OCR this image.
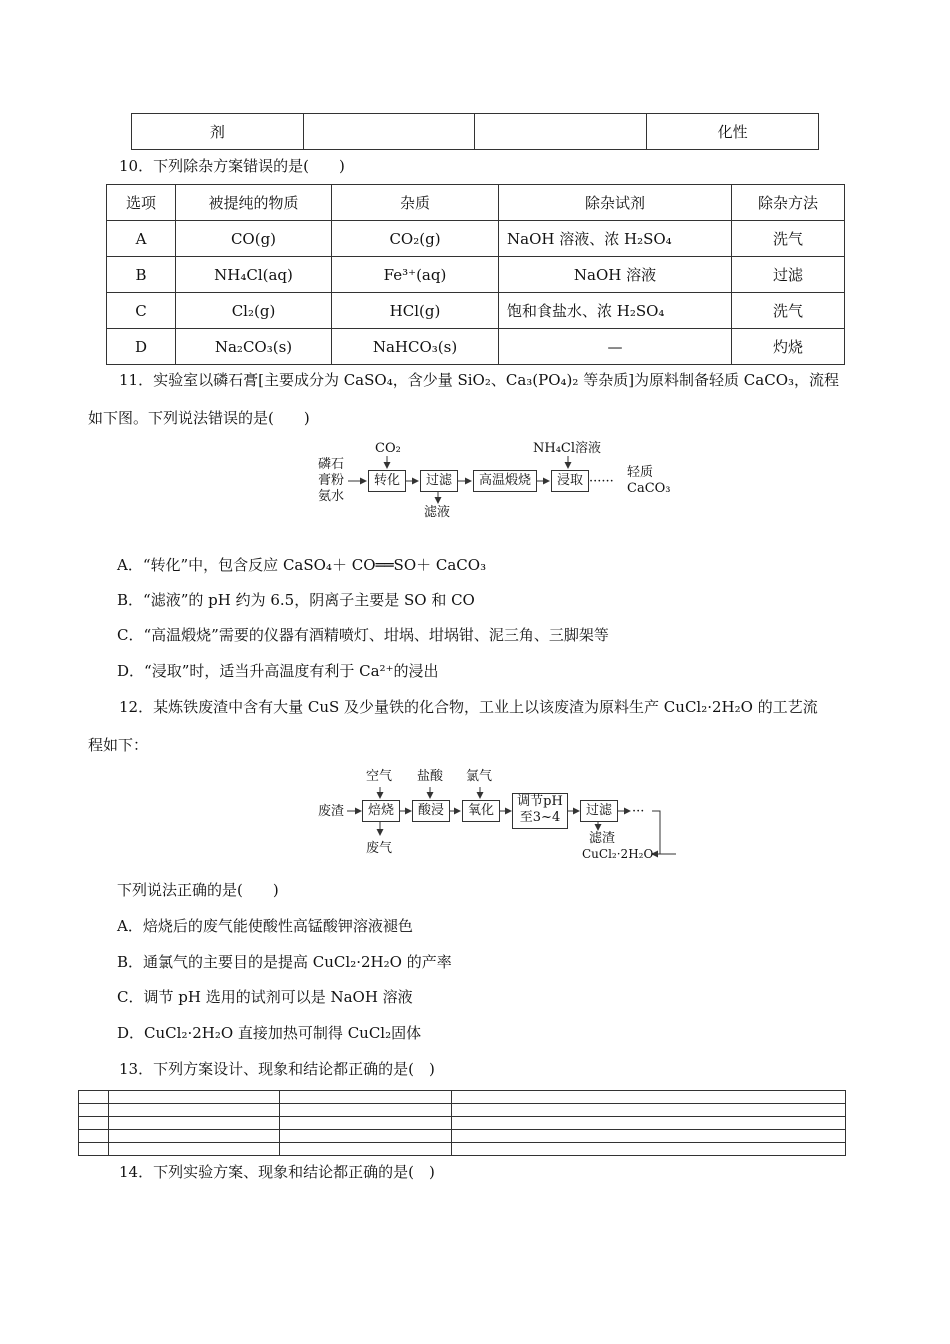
剂			化性
10．下列除杂方案错误的是(　　)
选项	被提纯的物质	杂质	除杂试剂	除杂方法
A	CO(g)	CO₂(g)	NaOH 溶液、浓 H₂SO₄	洗气
B	NH₄Cl(aq)	Fe³⁺(aq)	NaOH 溶液	过滤
C	Cl₂(g)	HCl(g)	饱和食盐水、浓 H₂SO₄	洗气
D	Na₂CO₃(s)	NaHCO₃(s)	—	灼烧
11．实验室以磷石膏[主要成分为 CaSO₄，含少量 SiO₂、Ca₃(PO₄)₂ 等杂质]为原料制备轻质 CaCO₃，流程
如下图。下列说法错误的是(　　)
磷石
膏粉
氨水
CO₂	NH₄Cl溶液
转化	过滤	高温煅烧	浸取
滤液
······
轻质
CaCO₃
A．“转化”中，包含反应 CaSO₄＋ CO══SO＋ CaCO₃
B．“滤液”的 pH 约为 6.5，阴离子主要是 SO 和 CO
C．“高温煅烧”需要的仪器有酒精喷灯、坩埚、坩埚钳、泥三角、三脚架等
D．“浸取”时，适当升高温度有利于 Ca²⁺的浸出
12．某炼铁废渣中含有大量 CuS 及少量铁的化合物，工业上以该废渣为原料生产 CuCl₂·2H₂O 的工艺流
程如下：
废渣
空气 盐酸 氯气
焙烧	酸浸	氧化
调节pH
至3~4	过滤	···
废气
滤渣
CuCl₂·2H₂O
下列说法正确的是(　　)
A．焙烧后的废气能使酸性高锰酸钾溶液褪色
B．通氯气的主要目的是提高 CuCl₂·2H₂O 的产率
C．调节 pH 选用的试剂可以是 NaOH 溶液
D．CuCl₂·2H₂O 直接加热可制得 CuCl₂固体
13．下列方案设计、现象和结论都正确的是(　)

14．下列实验方案、现象和结论都正确的是(　)
